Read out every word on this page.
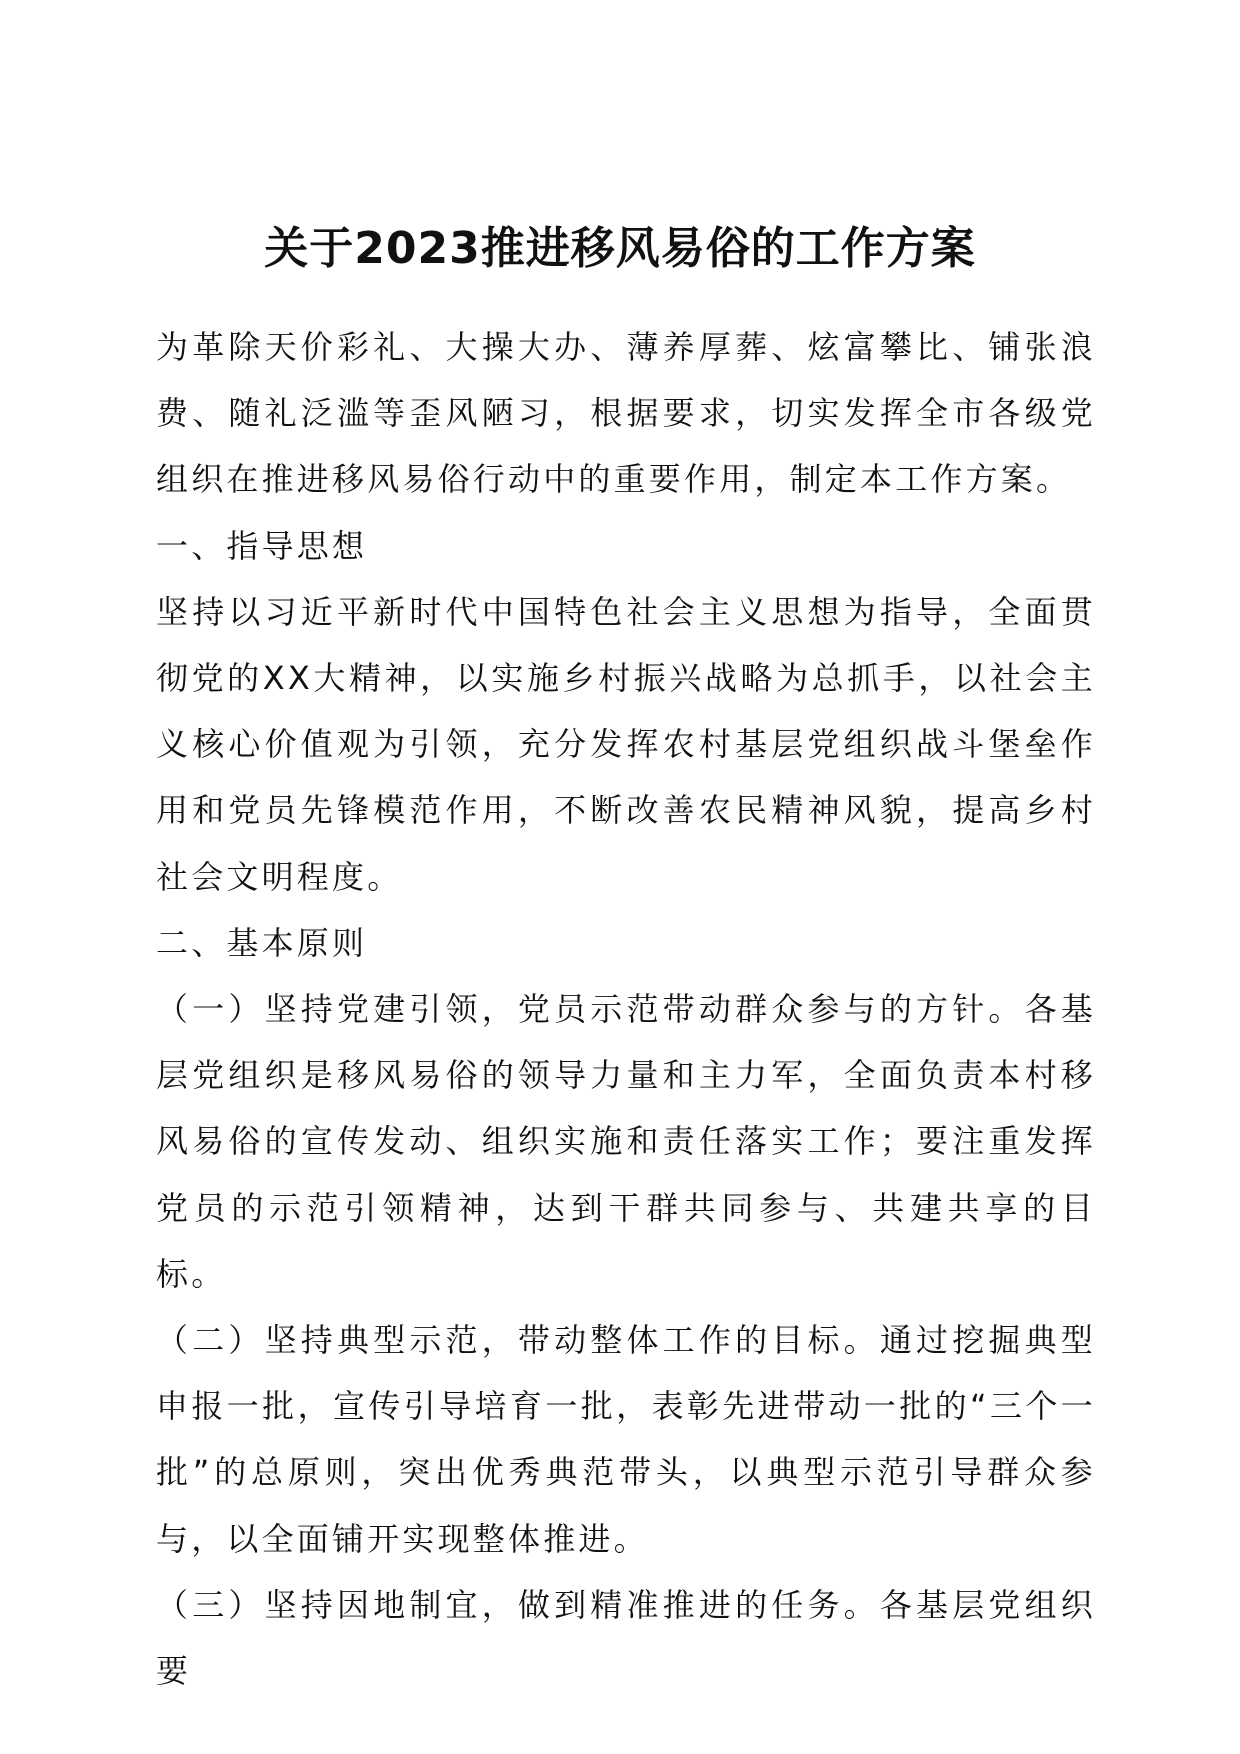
关于2023推进移风易俗的工作方案

为革除天价彩礼、大操大办、薄养厚葬、炫富攀比、铺张浪费、随礼泛滥等歪风陋习，根据要求，切实发挥全市各级党组织在推进移风易俗行动中的重要作用，制定本工作方案。

一、指导思想

坚持以习近平新时代中国特色社会主义思想为指导，全面贯彻党的XX大精神，以实施乡村振兴战略为总抓手，以社会主义核心价值观为引领，充分发挥农村基层党组织战斗堡垒作用和党员先锋模范作用，不断改善农民精神风貌，提高乡村社会文明程度。

二、基本原则

（一）坚持党建引领，党员示范带动群众参与的方针。各基层党组织是移风易俗的领导力量和主力军，全面负责本村移风易俗的宣传发动、组织实施和责任落实工作；要注重发挥党员的示范引领精神，达到干群共同参与、共建共享的目标。

（二）坚持典型示范，带动整体工作的目标。通过挖掘典型申报一批，宣传引导培育一批，表彰先进带动一批的“三个一批”的总原则，突出优秀典范带头，以典型示范引导群众参与，以全面铺开实现整体推进。

（三）坚持因地制宜，做到精准推进的任务。各基层党组织要
